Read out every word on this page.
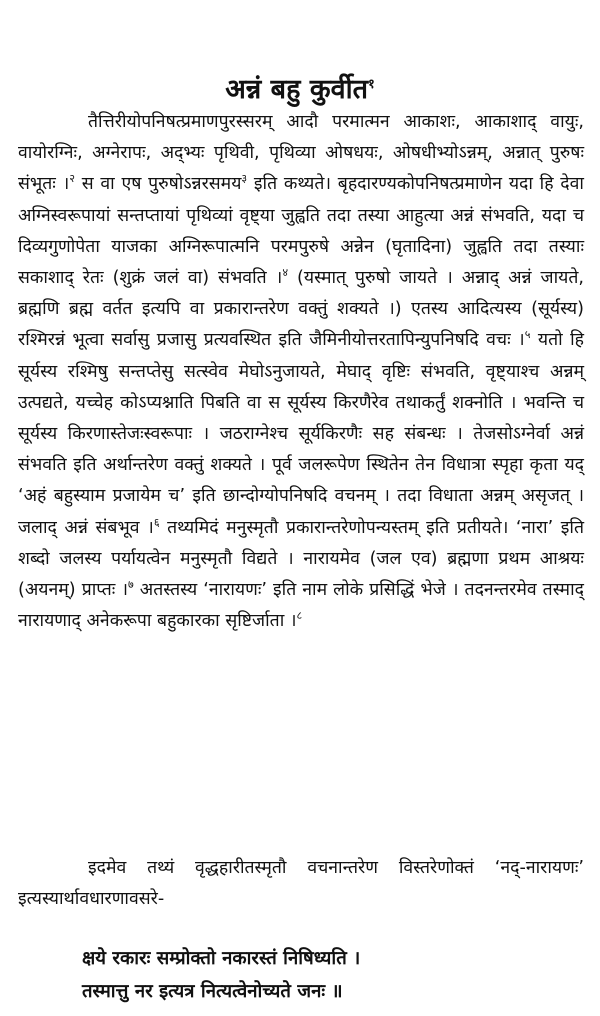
अन्नं बहु कुर्वीत$^१$

तैत्तिरीयोपनिषत्प्रमाणपुरस्सरम् आदौ परमात्मन आकाशः, आकाशाद् वायुः, वायोरग्निः, अग्नेरापः, अद्भ्यः पृथिवी, पृथिव्या ओषधयः, ओषधीभ्योऽन्नम्, अन्नात् पुरुषः संभूतः ।$^२$ स वा एष पुरुषोऽन्नरसमय$^३$ इति कथ्यते। बृहदारण्यकोपनिषत्प्रमाणेन यदा हि देवा अग्निस्वरूपायां सन्तप्तायां पृथिव्यां वृष्ट्या जुह्वति तदा तस्या आहुत्या अन्नं संभवति, यदा च दिव्यगुणोपेता याजका अग्निरूपात्मनि परमपुरुषे अन्नेन (घृतादिना) जुह्वति तदा तस्याः सकाशाद् रेतः (शुक्रं जलं वा) संभवति ।$^४$ (यस्मात् पुरुषो जायते । अन्नाद् अन्नं जायते, ब्रह्मणि ब्रह्म वर्तत इत्यपि वा प्रकारान्तरेण वक्तुं शक्यते ।) एतस्य आदित्यस्य (सूर्यस्य) रश्मिरन्नं भूत्वा सर्वासु प्रजासु प्रत्यवस्थित इति जैमिनीयोत्तरतापिन्युपनिषदि वचः ।$^५$ यतो हि सूर्यस्य रश्मिषु सन्तप्तेसु सत्स्वेव मेघोऽनुजायते, मेघाद् वृष्टिः संभवति, वृष्ट्याश्च अन्नम् उत्पद्यते, यच्चेह कोऽप्यश्नाति पिबति वा स सूर्यस्य किरणैरेव तथाकर्तुं शक्नोति । भवन्ति च सूर्यस्य किरणास्तेजःस्वरूपाः । जठराग्नेश्च सूर्यकिरणैः सह संबन्धः । तेजसोऽग्नेर्वा अन्नं संभवति इति अर्थान्तरेण वक्तुं शक्यते । पूर्व जलरूपेण स्थितेन तेन विधात्रा स्पृहा कृता यद् ‘अहं बहुस्याम प्रजायेम च’ इति छान्दोग्योपनिषदि वचनम् । तदा विधाता अन्नम् असृजत् । जलाद् अन्नं संबभूव ।$^६$ तथ्यमिदं मनुस्मृतौ प्रकारान्तरेणोपन्यस्तम् इति प्रतीयते। ‘नारा’ इति शब्दो जलस्य पर्यायत्वेन मनुस्मृतौ विद्यते । नारायमेव (जल एव) ब्रह्मणा प्रथम आश्रयः (अयनम्) प्राप्तः ।$^७$ अतस्तस्य ‘नारायणः’ इति नाम लोके प्रसिद्धिं भेजे । तदनन्तरमेव तस्माद् नारायणाद् अनेकरूपा बहुकारका सृष्टिर्जाता ।$^८$

इदमेव तथ्यं वृद्धहारीतस्मृतौ वचनान्तरेण विस्तरेणोक्तं ‘नद्-नारायणः’ इत्यस्यार्थावधारणावसरे-

क्षये रकारः सम्प्रोक्तो नकारस्तं निषिध्यति ।
तस्मात्तु नर इत्यत्र नित्यत्वेनोच्यते जनः ॥
